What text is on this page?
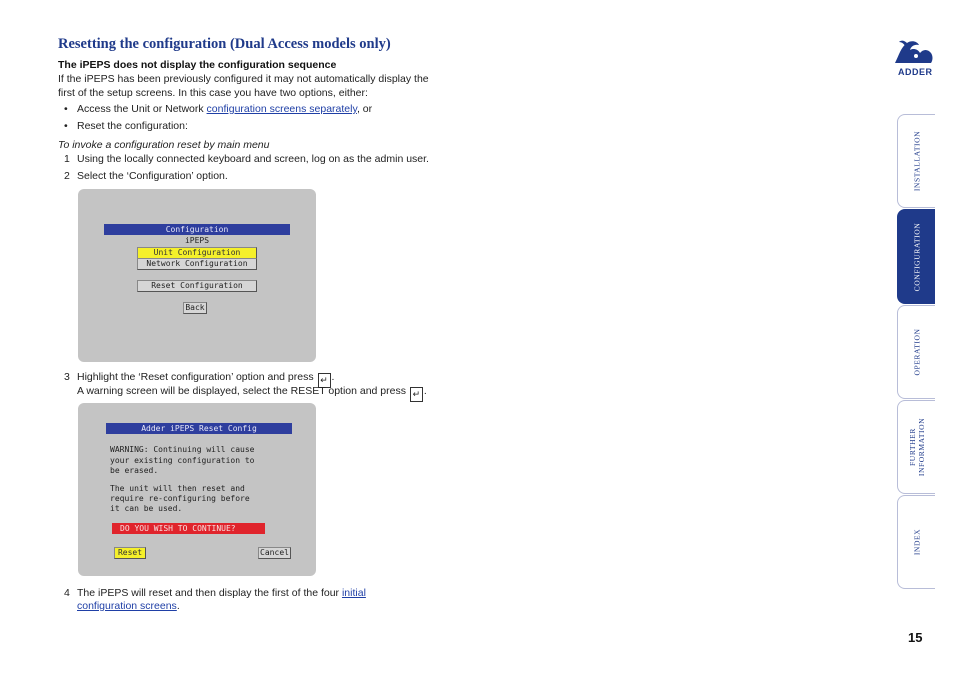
Resetting the configuration (Dual Access models only)
The iPEPS does not display the configuration sequence
If the iPEPS has been previously configured it may not automatically display the first of the setup screens. In this case you have two options, either:
• Access the Unit or Network configuration screens separately, or
• Reset the configuration:
To invoke a configuration reset by main menu
1 Using the locally connected keyboard and screen, log on as the admin user.
2 Select the ‘Configuration’ option.
Configuration
iPEPS
Unit Configuration
Network Configuration
Reset Configuration
Back
3 Highlight the ‘Reset configuration’ option and press ↵ .
A warning screen will be displayed, select the RESET option and press ↵ .
Adder iPEPS Reset Config
WARNING: Continuing will cause
your existing configuration to
be erased.
The unit will then reset and
require re-configuring before
it can be used.
DO YOU WISH TO CONTINUE?
Reset	Cancel
4 The iPEPS will reset and then display the first of the four initial
configuration screens.
ADDER
INSTALLATION
CONFIGURATION
OPERATION
FURTHER INFORMATION
INDEX
15
